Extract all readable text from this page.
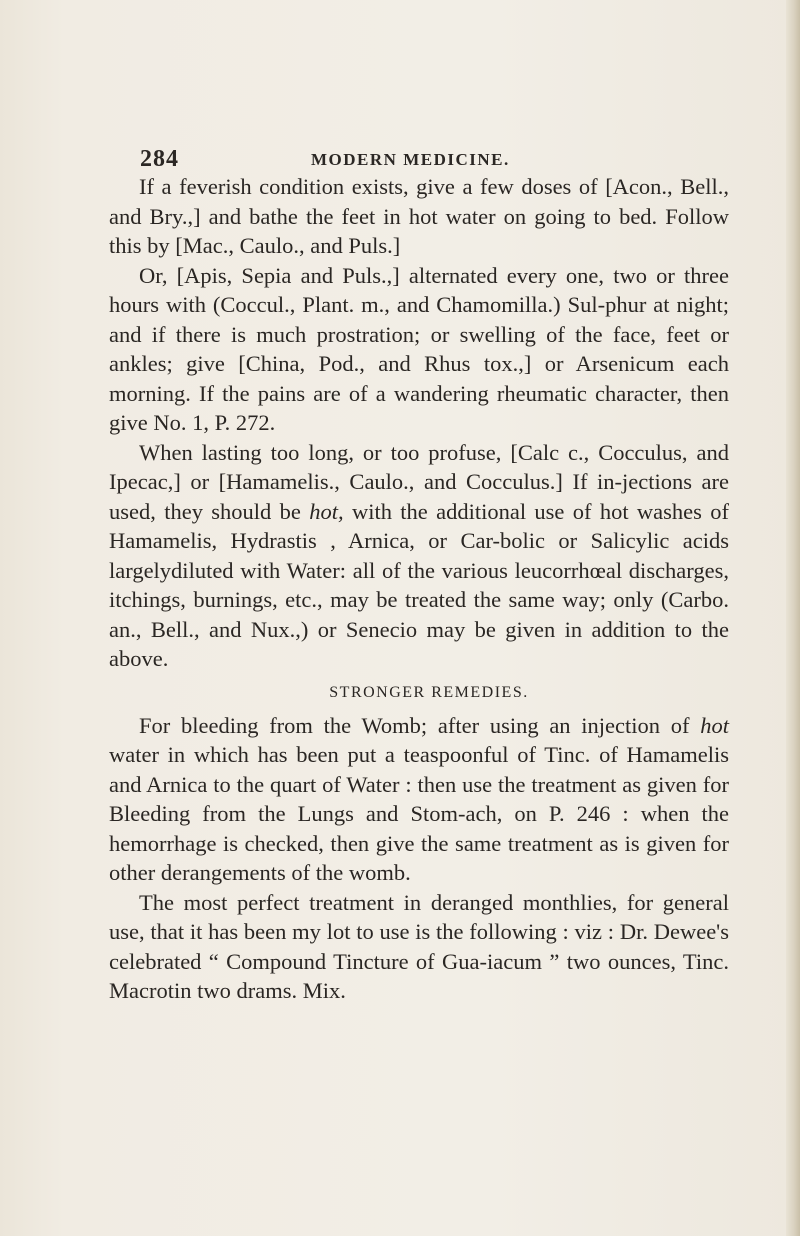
284	MODERN MEDICINE.

If a feverish condition exists, give a few doses of [Acon., Bell., and Bry.,] and bathe the feet in hot water on going to bed. Follow this by [Mac., Caulo., and Puls.]

Or, [Apis, Sepia and Puls.,] alternated every one, two or three hours with (Coccul., Plant. m., and Chamomilla.) Sul-phur at night; and if there is much prostration; or swelling of the face, feet or ankles; give [China, Pod., and Rhus tox.,] or Arsenicum each morning. If the pains are of a wandering rheumatic character, then give No. 1, P. 272.

When lasting too long, or too profuse, [Calc c., Cocculus, and Ipecac,] or [Hamamelis., Caulo., and Cocculus.] If in-jections are used, they should be hot, with the additional use of hot washes of Hamamelis, Hydrastis , Arnica, or Car-bolic or Salicylic acids largelydiluted with Water: all of the various leucorrhœal discharges, itchings, burnings, etc., may be treated the same way; only (Carbo. an., Bell., and Nux.,) or Senecio may be given in addition to the above.

STRONGER REMEDIES.

For bleeding from the Womb; after using an injection of hot water in which has been put a teaspoonful of Tinc. of Hamamelis and Arnica to the quart of Water : then use the treatment as given for Bleeding from the Lungs and Stom-ach, on P. 246 : when the hemorrhage is checked, then give the same treatment as is given for other derangements of the womb.

The most perfect treatment in deranged monthlies, for general use, that it has been my lot to use is the following : viz : Dr. Dewee's celebrated “ Compound Tincture of Gua-iacum ” two ounces, Tinc. Macrotin two drams. Mix.
